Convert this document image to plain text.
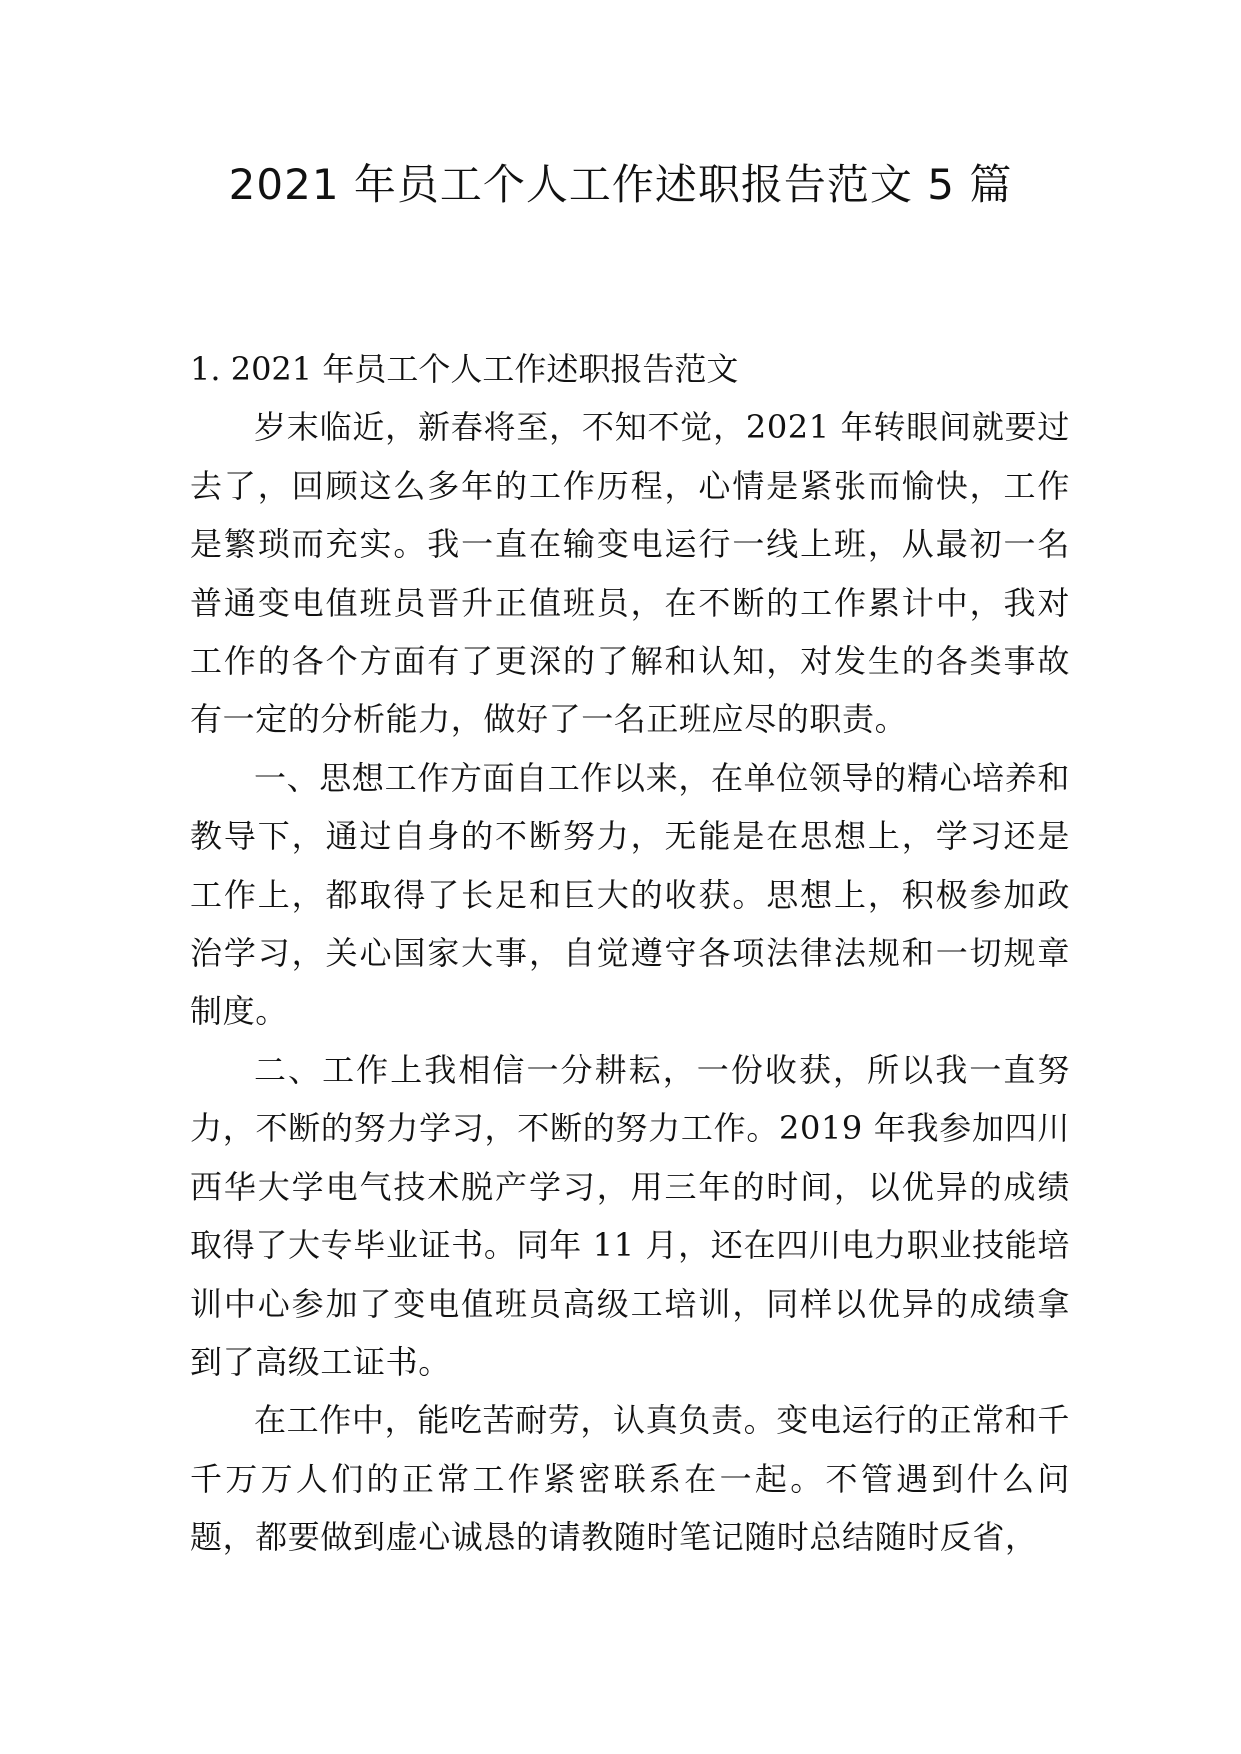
2021 年员工个人工作述职报告范文 5 篇
1. 2021 年员工个人工作述职报告范文

岁末临近，新春将至，不知不觉，2021 年转眼间就要过去了，回顾这么多年的工作历程，心情是紧张而愉快，工作是繁琐而充实。我一直在输变电运行一线上班，从最初一名普通变电值班员晋升正值班员，在不断的工作累计中，我对工作的各个方面有了更深的了解和认知，对发生的各类事故有一定的分析能力，做好了一名正班应尽的职责。

一、思想工作方面自工作以来，在单位领导的精心培养和教导下，通过自身的不断努力，无能是在思想上，学习还是工作上，都取得了长足和巨大的收获。思想上，积极参加政治学习，关心国家大事，自觉遵守各项法律法规和一切规章制度。

二、工作上我相信一分耕耘，一份收获，所以我一直努力，不断的努力学习，不断的努力工作。2019 年我参加四川西华大学电气技术脱产学习，用三年的时间，以优异的成绩取得了大专毕业证书。同年 11 月，还在四川电力职业技能培训中心参加了变电值班员高级工培训，同样以优异的成绩拿到了高级工证书。

在工作中，能吃苦耐劳，认真负责。变电运行的正常和千千万万人们的正常工作紧密联系在一起。不管遇到什么问题，都要做到虚心诚恳的请教随时笔记随时总结随时反省，
